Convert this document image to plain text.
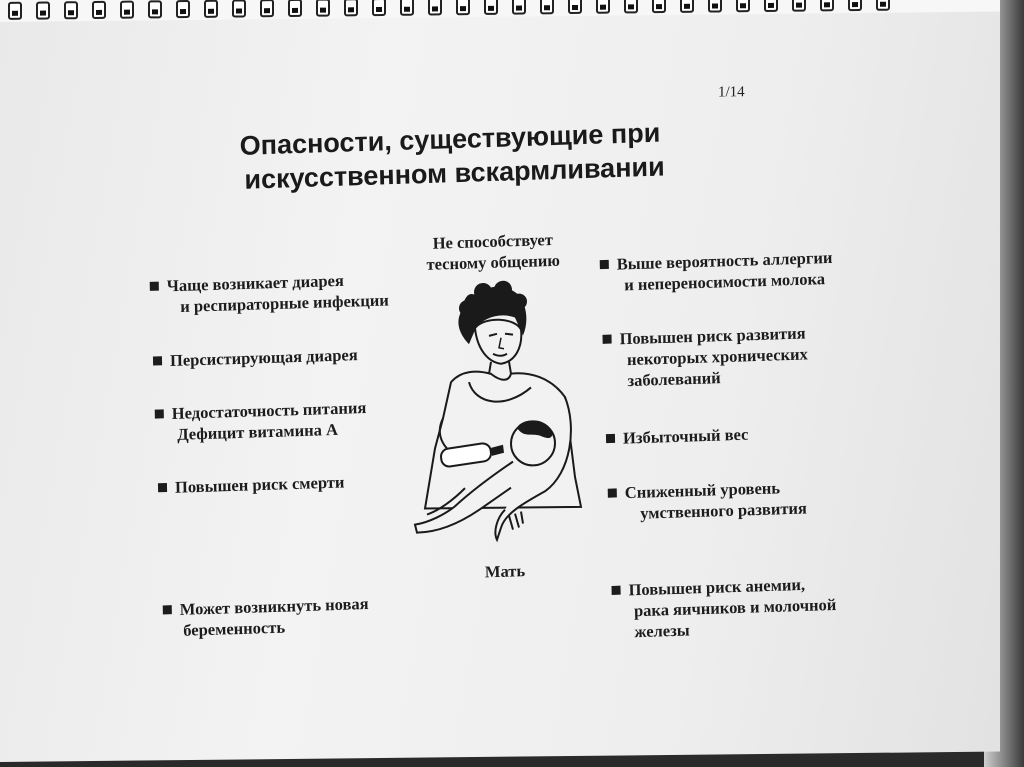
1/14
Опасности, существующие при
искусственном вскармливании
Не способствует тесному общению
Чаще возникает диарея
и респираторные инфекции
Персистирующая диарея
Недостаточность питания
Дефицит витамина А
Повышен риск смерти
Может возникнуть новая
беременность
Выше вероятность аллергии
и непереносимости молока
Повышен риск развития
некоторых хронических
заболеваний
Избыточный вес
Сниженный уровень
умственного развития
Повышен риск анемии,
рака яичников и молочной
железы
Мать
